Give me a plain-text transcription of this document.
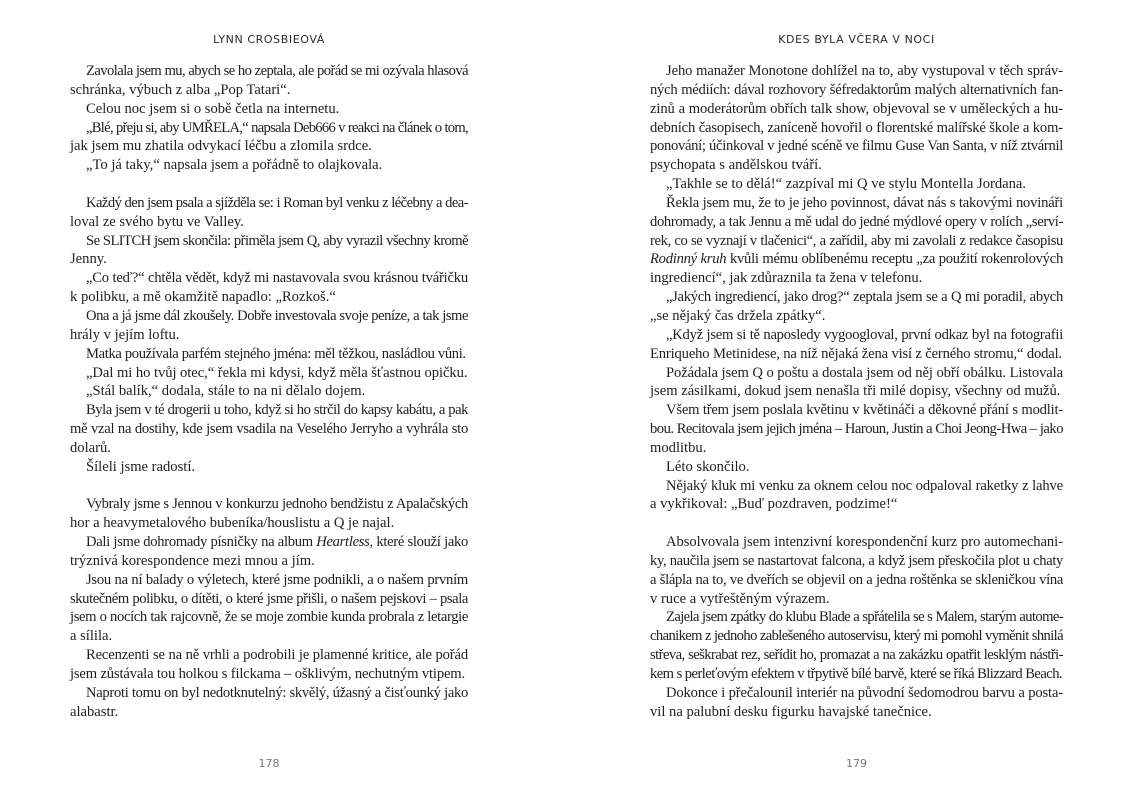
LYNN CROSBIEOVÁ

Zavolala jsem mu, abych se ho zeptala, ale pořád se mi ozývala hlasová
schránka, výbuch z alba „Pop Tatari“.

Celou noc jsem si o sobě četla na internetu.

„Blé, přeju si, aby UMŘELA,“ napsala Deb666 v reakci na článek o tom,
jak jsem mu zhatila odvykací léčbu a zlomila srdce.

„To já taky,“ napsala jsem a pořádně to olajkovala.

Každý den jsem psala a sjížděla se: i Roman byl venku z léčebny a dea-
loval ze svého bytu ve Valley.

Se SLITCH jsem skončila: přiměla jsem Q, aby vyrazil všechny kromě
Jenny.

„Co teď?“ chtěla vědět, když mi nastavovala svou krásnou tvářičku
k polibku, a mě okamžitě napadlo: „Rozkoš.“

Ona a já jsme dál zkoušely. Dobře investovala svoje peníze, a tak jsme
hrály v jejím loftu.

Matka používala parfém stejného jména: měl těžkou, nasládlou vůni.

„Dal mi ho tvůj otec,“ řekla mi kdysi, když měla šťastnou opičku.

„Stál balík,“ dodala, stále to na ni dělalo dojem.

Byla jsem v té drogerii u toho, když si ho strčil do kapsy kabátu, a pak
mě vzal na dostihy, kde jsem vsadila na Veselého Jerryho a vyhrála sto
dolarů.

Šíleli jsme radostí.

Vybraly jsme s Jennou v konkurzu jednoho bendžistu z Apalačských
hor a heavymetalového bubeníka/houslistu a Q je najal.

Dali jsme dohromady písničky na album Heartless, které slouží jako
trýznivá korespondence mezi mnou a jím.

Jsou na ní balady o výletech, které jsme podnikli, a o našem prvním
skutečném polibku, o dítěti, o které jsme přišli, o našem pejskovi – psala
jsem o nocích tak rajcovně, že se moje zombie kunda probrala z letargie
a sílila.

Recenzenti se na ně vrhli a podrobili je plamenné kritice, ale pořád
jsem zůstávala tou holkou s filckama – ošklivým, nechutným vtipem.

Naproti tomu on byl nedotknutelný: skvělý, úžasný a čisťounký jako
alabastr.

178
KDES BYLA VČERA V NOCI

Jeho manažer Monotone dohlížel na to, aby vystupoval v těch správ-
ných médiích: dával rozhovory šéfredaktorům malých alternativních fan-
zinů a moderátorům obřích talk show, objevoval se v uměleckých a hu-
debních časopisech, zaníceně hovořil o florentské malířské škole a kom-
ponování; účinkoval v jedné scéně ve filmu Guse Van Santa, v níž ztvárnil
psychopata s andělskou tváří.

„Takhle se to dělá!“ zazpíval mi Q ve stylu Montella Jordana.

Řekla jsem mu, že to je jeho povinnost, dávat nás s takovými novináři
dohromady, a tak Jennu a mě udal do jedné mýdlové opery v rolích „serví-
rek, co se vyznají v tlačenici“, a zařídil, aby mi zavolali z redakce časopisu
Rodinný kruh kvůli mému oblíbenému receptu „za použití rokenrolových
ingrediencí“, jak zdůraznila ta žena v telefonu.

„Jakých ingrediencí, jako drog?“ zeptala jsem se a Q mi poradil, abych
„se nějaký čas držela zpátky“.

„Když jsem si tě naposledy vygoogloval, první odkaz byl na fotografii
Enriqueho Metinidese, na níž nějaká žena visí z černého stromu,“ dodal.

Požádala jsem Q o poštu a dostala jsem od něj obří obálku. Listovala
jsem zásilkami, dokud jsem nenašla tři milé dopisy, všechny od mužů.

Všem třem jsem poslala květinu v květináči a děkovné přání s modlit-
bou. Recitovala jsem jejich jména – Haroun, Justin a Choi Jeong-Hwa – jako
modlitbu.

Léto skončilo.

Nějaký kluk mi venku za oknem celou noc odpaloval raketky z lahve
a vykřikoval: „Buď pozdraven, podzime!“

Absolvovala jsem intenzivní korespondenční kurz pro automechani-
ky, naučila jsem se nastartovat falcona, a když jsem přeskočila plot u chaty
a šlápla na to, ve dveřích se objevil on a jedna roštěnka se skleničkou vína
v ruce a vytřeštěným výrazem.

Zajela jsem zpátky do klubu Blade a spřátelila se s Malem, starým autome-
chanikem z jednoho zablešeného autoservisu, který mi pomohl vyměnit shnilá
střeva, seškrabat rez, seřídit ho, promazat a na zakázku opatřit lesklým nástři-
kem s perleťovým efektem v třpytivě bílé barvě, které se říká Blizzard Beach.

Dokonce i přečalounil interiér na původní šedomodrou barvu a posta-
vil na palubní desku figurku havajské tanečnice.

179
